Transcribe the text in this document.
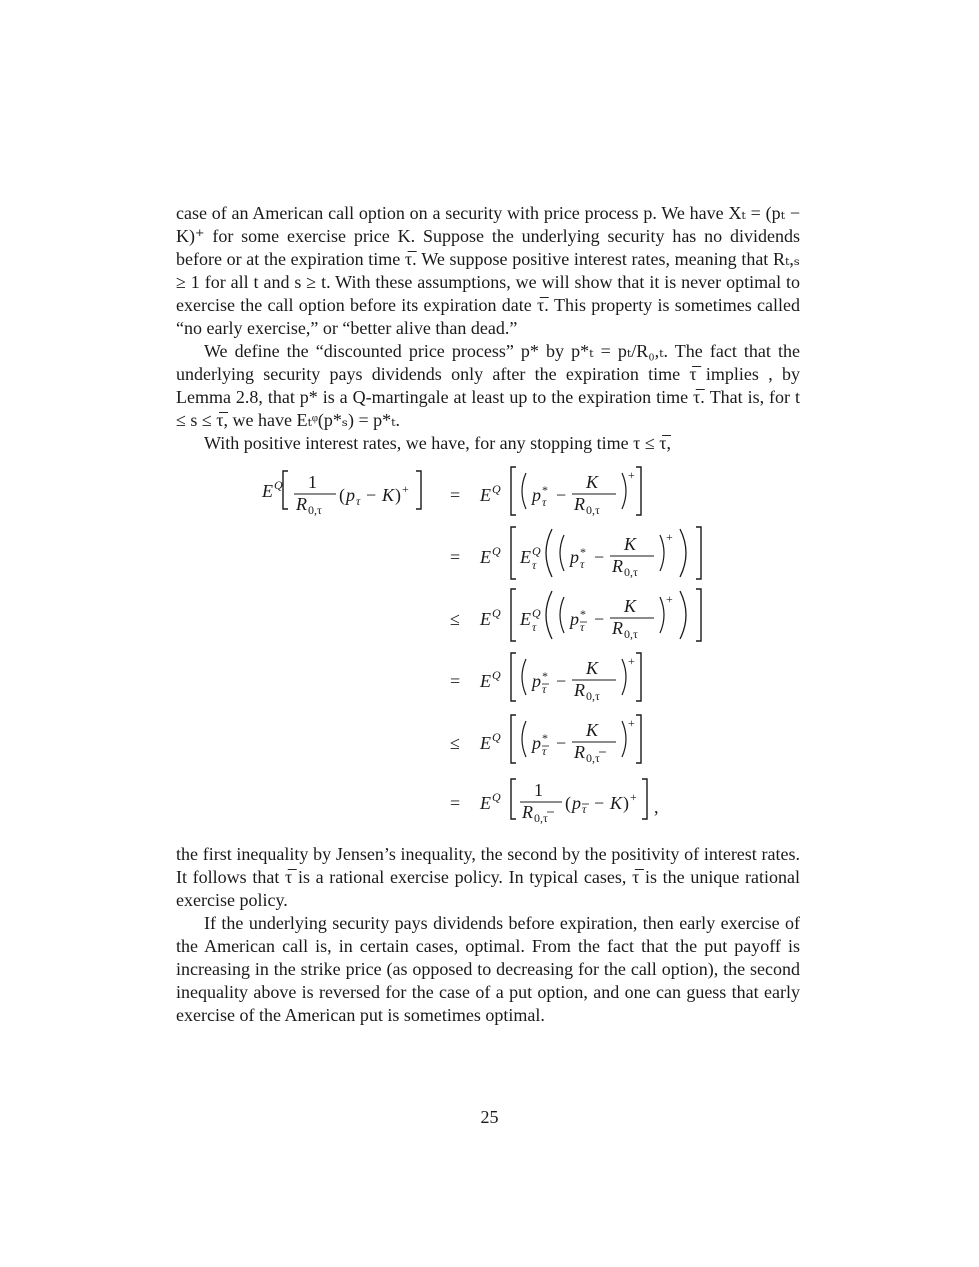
case of an American call option on a security with price process p. We have Xₜ = (pₜ − K)⁺ for some exercise price K. Suppose the underlying security has no dividends before or at the expiration time τ̅. We suppose positive interest rates, meaning that Rₜ,ₛ ≥ 1 for all t and s ≥ t. With these assumptions, we will show that it is never optimal to exercise the call option before its expiration date τ̅. This property is sometimes called “no early exercise,” or “better alive than dead.”

We define the “discounted price process” p* by p*ₜ = pₜ/R₀,ₜ. The fact that the underlying security pays dividends only after the expiration time τ̅ implies , by Lemma 2.8, that p* is a Q-martingale at least up to the expiration time τ̅. That is, for t ≤ s ≤ τ̅, we have Eₜᵠ(p*ₛ) = p*ₜ.

With positive interest rates, we have, for any stopping time τ ≤ τ̅,

E Q 1
R 0,τ
( p τ − K ) + = E Q p *
τ −
K
R 0,τ
+
= E Q E Q
τ p *
τ −
K
R 0,τ
+
≤ E Q E Q
τ p *
τ −
K
R 0,τ
+
= E Q p *
τ −
K
R 0,τ
+
≤ E Q p *
τ −
K
R 0,τ
+
= E Q 1
R 0,τ
( p τ − K ) + ,

the first inequality by Jensen’s inequality, the second by the positivity of interest rates. It follows that τ̅ is a rational exercise policy. In typical cases, τ̅ is the unique rational exercise policy.

If the underlying security pays dividends before expiration, then early exercise of the American call is, in certain cases, optimal. From the fact that the put payoff is increasing in the strike price (as opposed to decreasing for the call option), the second inequality above is reversed for the case of a put option, and one can guess that early exercise of the American put is sometimes optimal.

25
